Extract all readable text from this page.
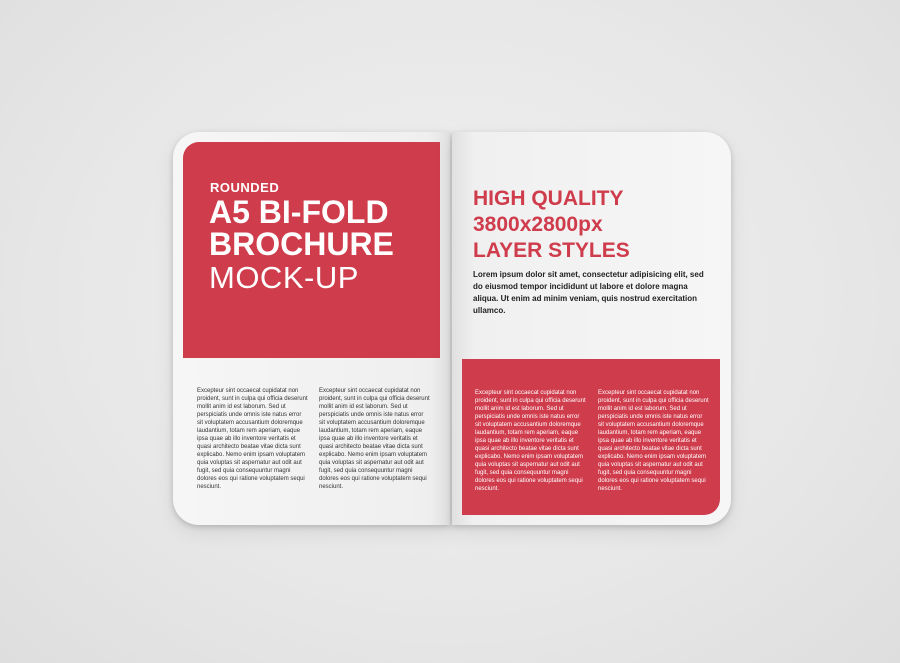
ROUNDED
A5 BI-FOLD
BROCHURE
MOCK-UP

Excepteur sint occaecat cupidatat non proident, sunt in culpa qui officia deserunt mollit anim id est laborum. Sed ut perspiciatis unde omnis iste natus error sit voluptatem accusantium doloremque laudantium, totam rem aperiam, eaque ipsa quae ab illo inventore veritatis et quasi architecto beatae vitae dicta sunt explicabo. Nemo enim ipsam voluptatem quia voluptas sit aspernatur aut odit aut fugit, sed quia consequuntur magni dolores eos qui ratione voluptatem sequi nesciunt.

Excepteur sint occaecat cupidatat non proident, sunt in culpa qui officia deserunt mollit anim id est laborum. Sed ut perspiciatis unde omnis iste natus error sit voluptatem accusantium doloremque laudantium, totam rem aperiam, eaque ipsa quae ab illo inventore veritatis et quasi architecto beatae vitae dicta sunt explicabo. Nemo enim ipsam voluptatem quia voluptas sit aspernatur aut odit aut fugit, sed quia consequuntur magni dolores eos qui ratione voluptatem sequi nesciunt.

HIGH QUALITY
3800x2800px
LAYER STYLES

Lorem ipsum dolor sit amet, consectetur adipisicing elit, sed do eiusmod tempor incididunt ut labore et dolore magna aliqua. Ut enim ad minim veniam, quis nostrud exercitation ullamco.

Excepteur sint occaecat cupidatat non proident, sunt in culpa qui officia deserunt mollit anim id est laborum. Sed ut perspiciatis unde omnis iste natus error sit voluptatem accusantium doloremque laudantium, totam rem aperiam, eaque ipsa quae ab illo inventore veritatis et quasi architecto beatae vitae dicta sunt explicabo. Nemo enim ipsam voluptatem quia voluptas sit aspernatur aut odit aut fugit, sed quia consequuntur magni dolores eos qui ratione voluptatem sequi nesciunt.

Excepteur sint occaecat cupidatat non proident, sunt in culpa qui officia deserunt mollit anim id est laborum. Sed ut perspiciatis unde omnis iste natus error sit voluptatem accusantium doloremque laudantium, totam rem aperiam, eaque ipsa quae ab illo inventore veritatis et quasi architecto beatae vitae dicta sunt explicabo. Nemo enim ipsam voluptatem quia voluptas sit aspernatur aut odit aut fugit, sed quia consequuntur magni dolores eos qui ratione voluptatem sequi nesciunt.
